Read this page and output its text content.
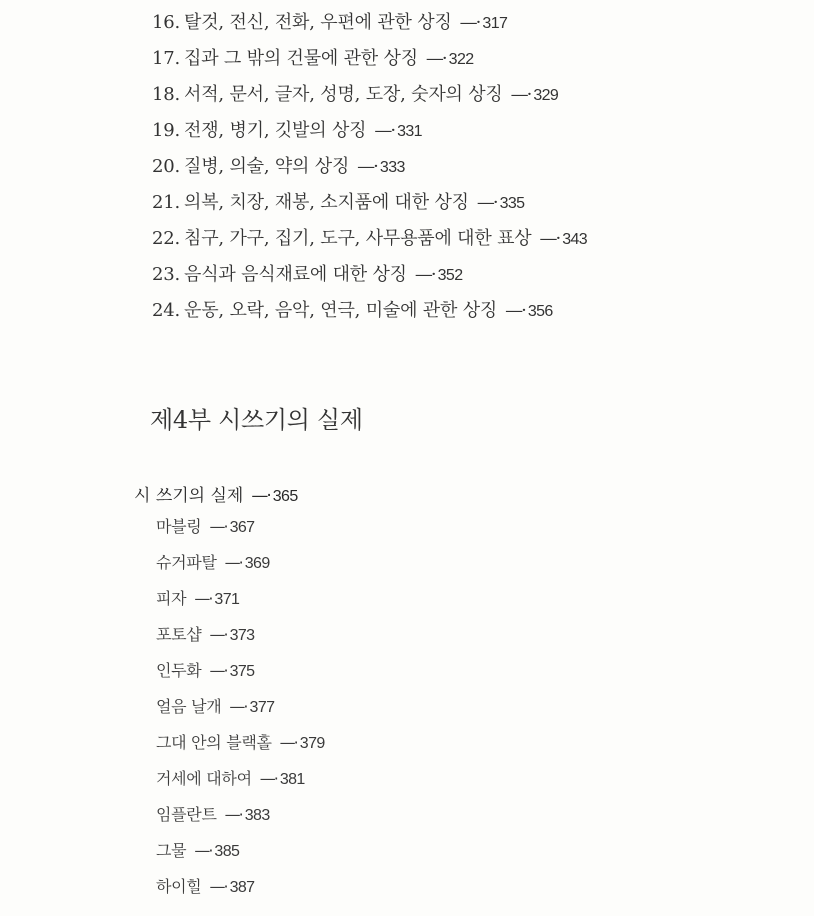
16. 탈것, 전신, 전화, 우편에 관한 상징 —· 317
17. 집과 그 밖의 건물에 관한 상징 —· 322
18. 서적, 문서, 글자, 성명, 도장, 숫자의 상징 —· 329
19. 전쟁, 병기, 깃발의 상징 —· 331
20. 질병, 의술, 약의 상징 —· 333
21. 의복, 치장, 재봉, 소지품에 대한 상징 —· 335
22. 침구, 가구, 집기, 도구, 사무용품에 대한 표상 —· 343
23. 음식과 음식재료에 대한 상징 —· 352
24. 운동, 오락, 음악, 연극, 미술에 관한 상징 —· 356
제4부 시쓰기의 실제
시 쓰기의 실제 —· 365
마블링 —· 367
슈거파탈 —· 369
피자 —· 371
포토샵 —· 373
인두화 —· 375
얼음 날개 —· 377
그대 안의 블랙홀 —· 379
거세에 대하여 —· 381
임플란트 —· 383
그물 —· 385
하이힐 —· 387
